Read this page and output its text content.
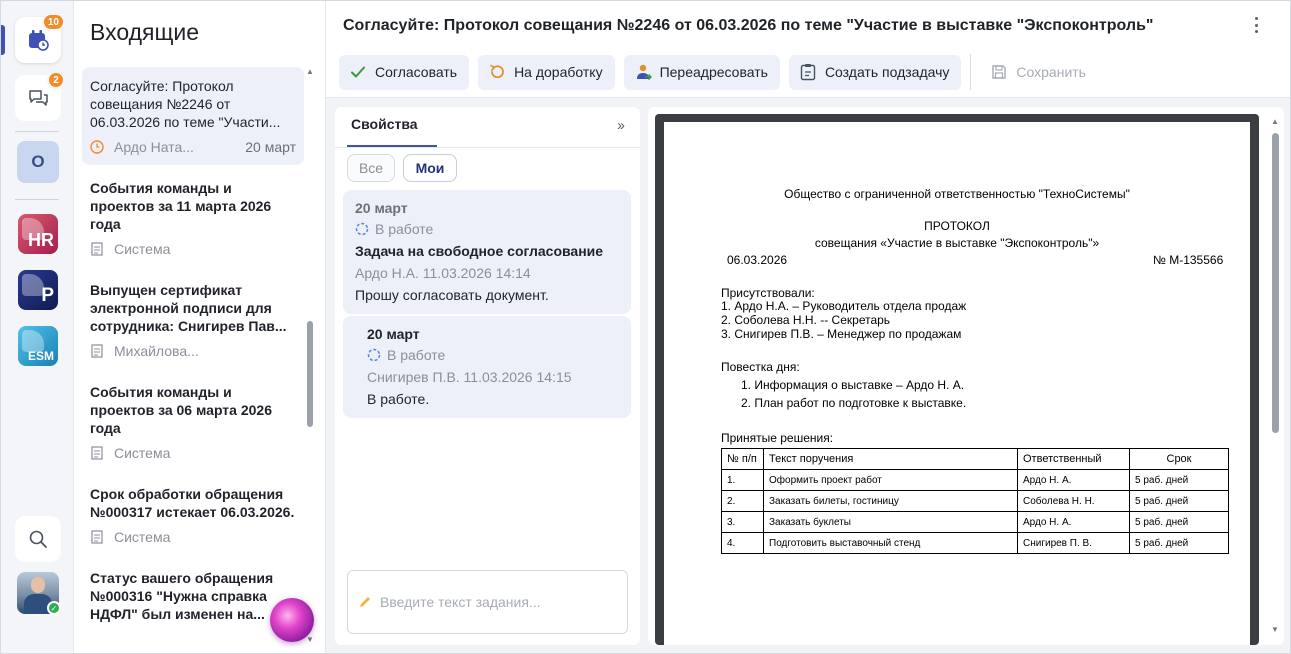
10
2
О
HR
P
ESM
✓
Входящие
Согласуйте: Протокол совещания №2246 от 06.03.2026 по теме "Участи...
Ардо Ната...	20 март
События команды и проектов за 11 марта 2026 года
Система
Выпущен сертификат электронной подписи для сотрудника: Снигирев Пав...
Михайлова...
События команды и проектов за 06 марта 2026 года
Система
Срок обработки обращения №000317 истекает 06.03.2026.
Система
Статус вашего обращения №000316 "Нужна справка НДФЛ" был изменен на...
▲
▼
Согласуйте: Протокол совещания №2246 от 06.03.2026 по теме "Участие в выставке "Экспоконтроль"
Согласовать	На доработку	Переадресовать	Создать подзадачу	Сохранить
Свойства	››
Все	Мои
20 март
В работе
Задача на свободное согласование
Ардо Н.А. 11.03.2026 14:14
Прошу согласовать документ.
20 март
В работе
Снигирев П.В. 11.03.2026 14:15
В работе.
Введите текст задания...
Общество с ограниченной ответственностью "ТехноСистемы"
ПРОТОКОЛ
совещания «Участие в выставке "Экспоконтроль"»
06.03.2026	№ М-135566
Присутствовали:
1. Ардо Н.А. – Руководитель отдела продаж
2. Соболева Н.Н. -- Секретарь
3. Снигирев П.В. – Менеджер по продажам
Повестка дня:
1. Информация о выставке – Ардо Н. А.
2. План работ по подготовке к выставке.
Принятые решения:
№ п/п	Текст поручения	Ответственный	Срок
1.	Оформить проект работ	Ардо Н. А.	5 раб. дней
2.	Заказать билеты, гостиницу	Соболева Н. Н.	5 раб. дней
3.	Заказать буклеты	Ардо Н. А.	5 раб. дней
4.	Подготовить выставочный стенд	Снигирев П. В.	5 раб. дней
▲
▼
